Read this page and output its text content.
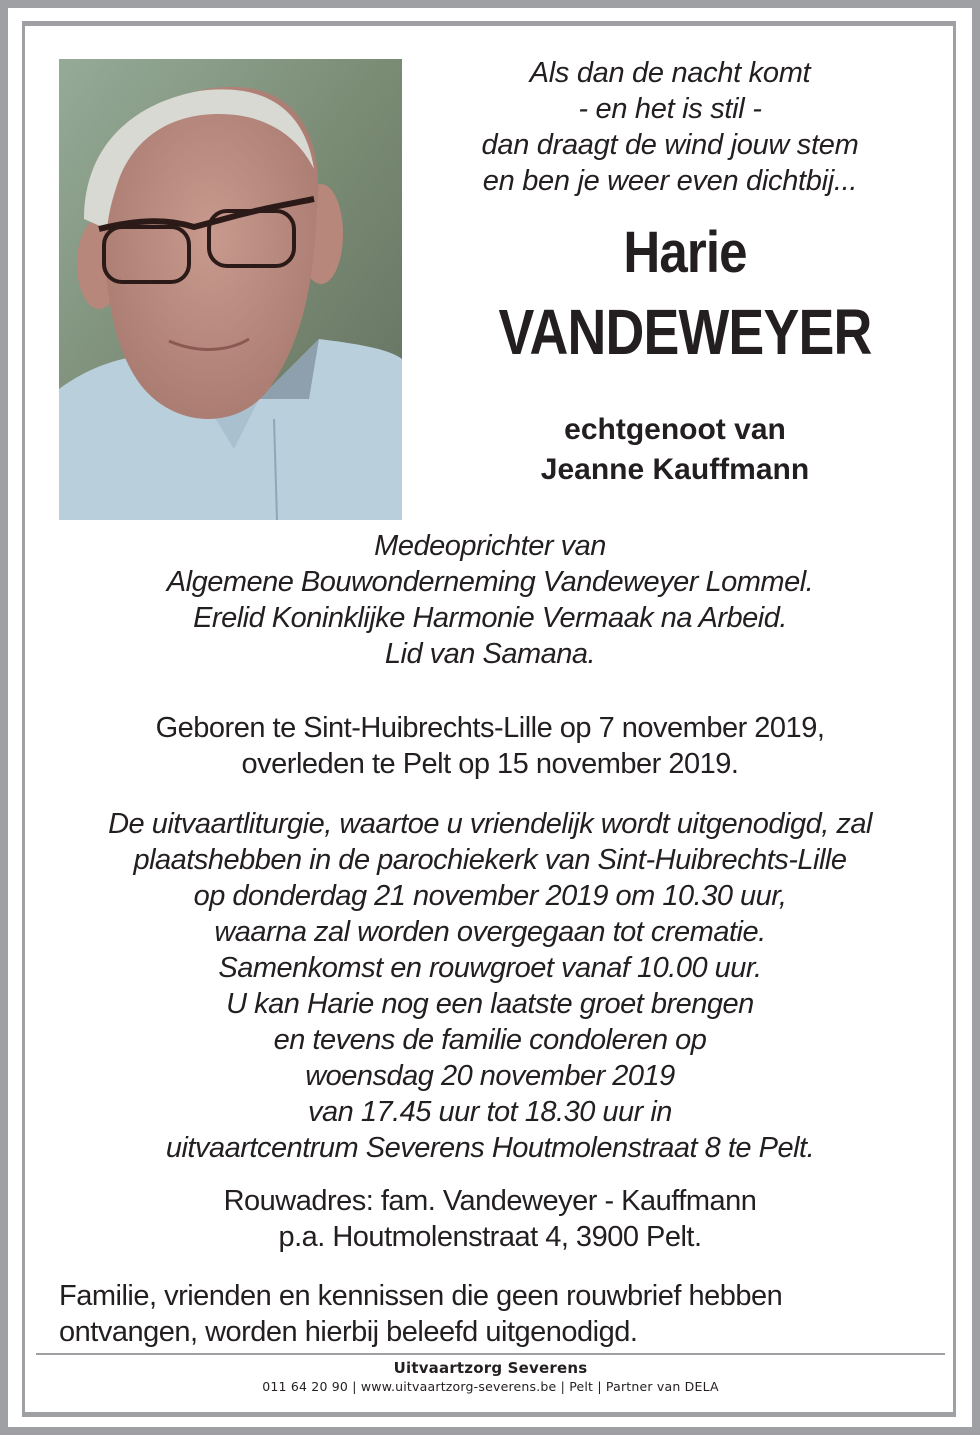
Als dan de nacht komt
- en het is stil -
dan draagt de wind jouw stem
en ben je weer even dichtbij...
Harie
VANDEWEYER
echtgenoot van
Jeanne Kauffmann
Medeoprichter van
Algemene Bouwonderneming Vandeweyer Lommel.
Erelid Koninklijke Harmonie Vermaak na Arbeid.
Lid van Samana.
Geboren te Sint-Huibrechts-Lille op 7 november 2019,
overleden te Pelt op 15 november 2019.
De uitvaartliturgie, waartoe u vriendelijk wordt uitgenodigd, zal
plaatshebben in de parochiekerk van Sint-Huibrechts-Lille
op donderdag 21 november 2019 om 10.30 uur,
waarna zal worden overgegaan tot crematie.
Samenkomst en rouwgroet vanaf 10.00 uur.
U kan Harie nog een laatste groet brengen
en tevens de familie condoleren op
woensdag 20 november 2019
van 17.45 uur tot 18.30 uur in
uitvaartcentrum Severens Houtmolenstraat 8 te Pelt.
Rouwadres: fam. Vandeweyer - Kauffmann
p.a. Houtmolenstraat 4, 3900 Pelt.
Familie, vrienden en kennissen die geen rouwbrief hebben
ontvangen, worden hierbij beleefd uitgenodigd.
Uitvaartzorg Severens
011 64 20 90 | www.uitvaartzorg-severens.be | Pelt | Partner van DELA
